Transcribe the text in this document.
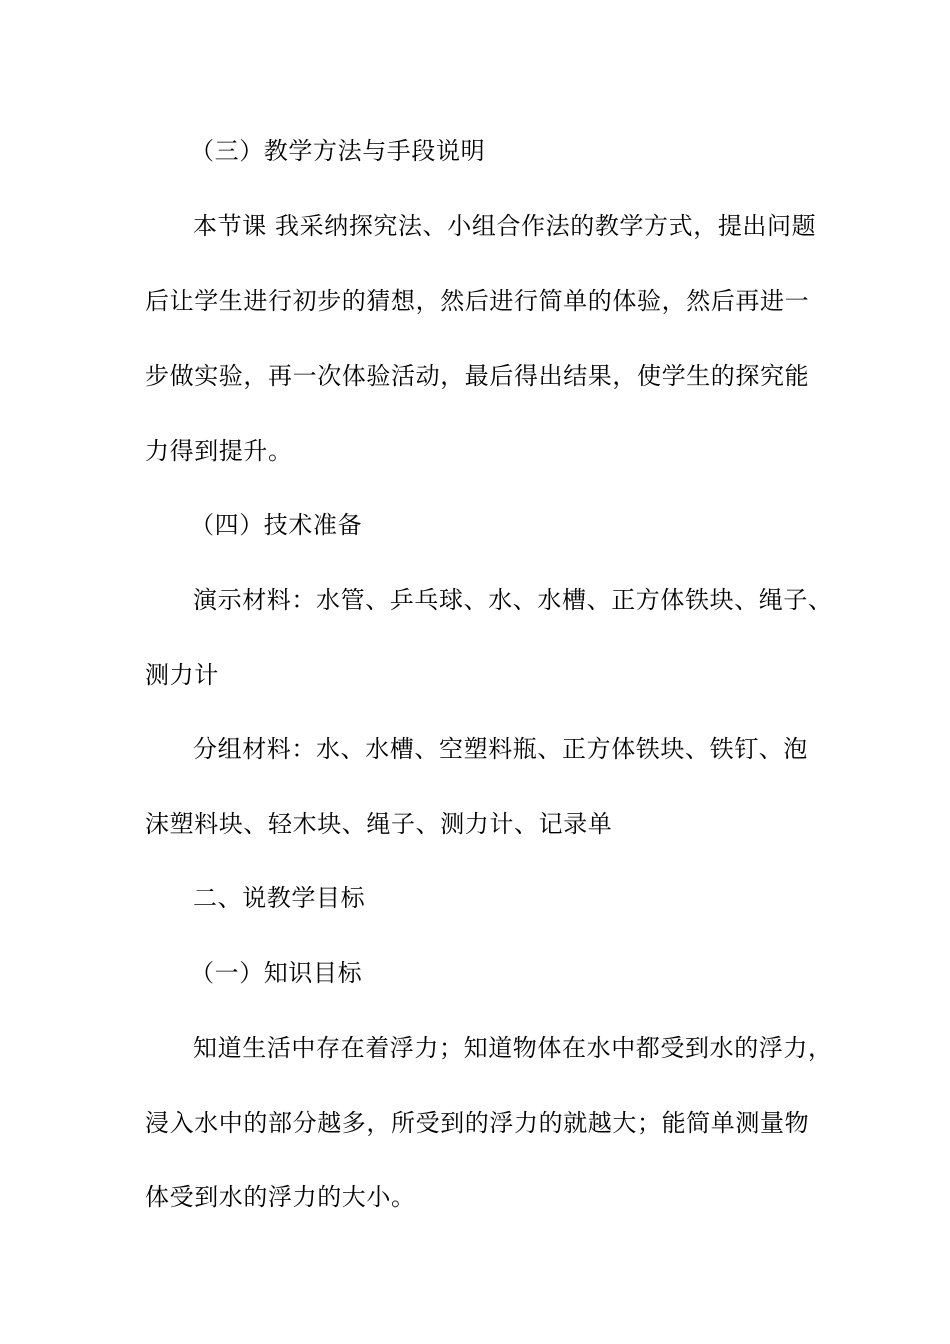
（三）教学方法与手段说明
本节课 我采纳探究法、小组合作法的教学方式，提出问题
后让学生进行初步的猜想，然后进行简单的体验，然后再进一
步做实验，再一次体验活动，最后得出结果，使学生的探究能
力得到提升。
（四）技术准备
演示材料：水管、乒乓球、水、水槽、正方体铁块、绳子、
测力计
分组材料：水、水槽、空塑料瓶、正方体铁块、铁钉、泡
沫塑料块、轻木块、绳子、测力计、记录单
二、说教学目标
（一）知识目标
知道生活中存在着浮力；知道物体在水中都受到水的浮力，
浸入水中的部分越多，所受到的浮力的就越大；能简单测量物
体受到水的浮力的大小。
